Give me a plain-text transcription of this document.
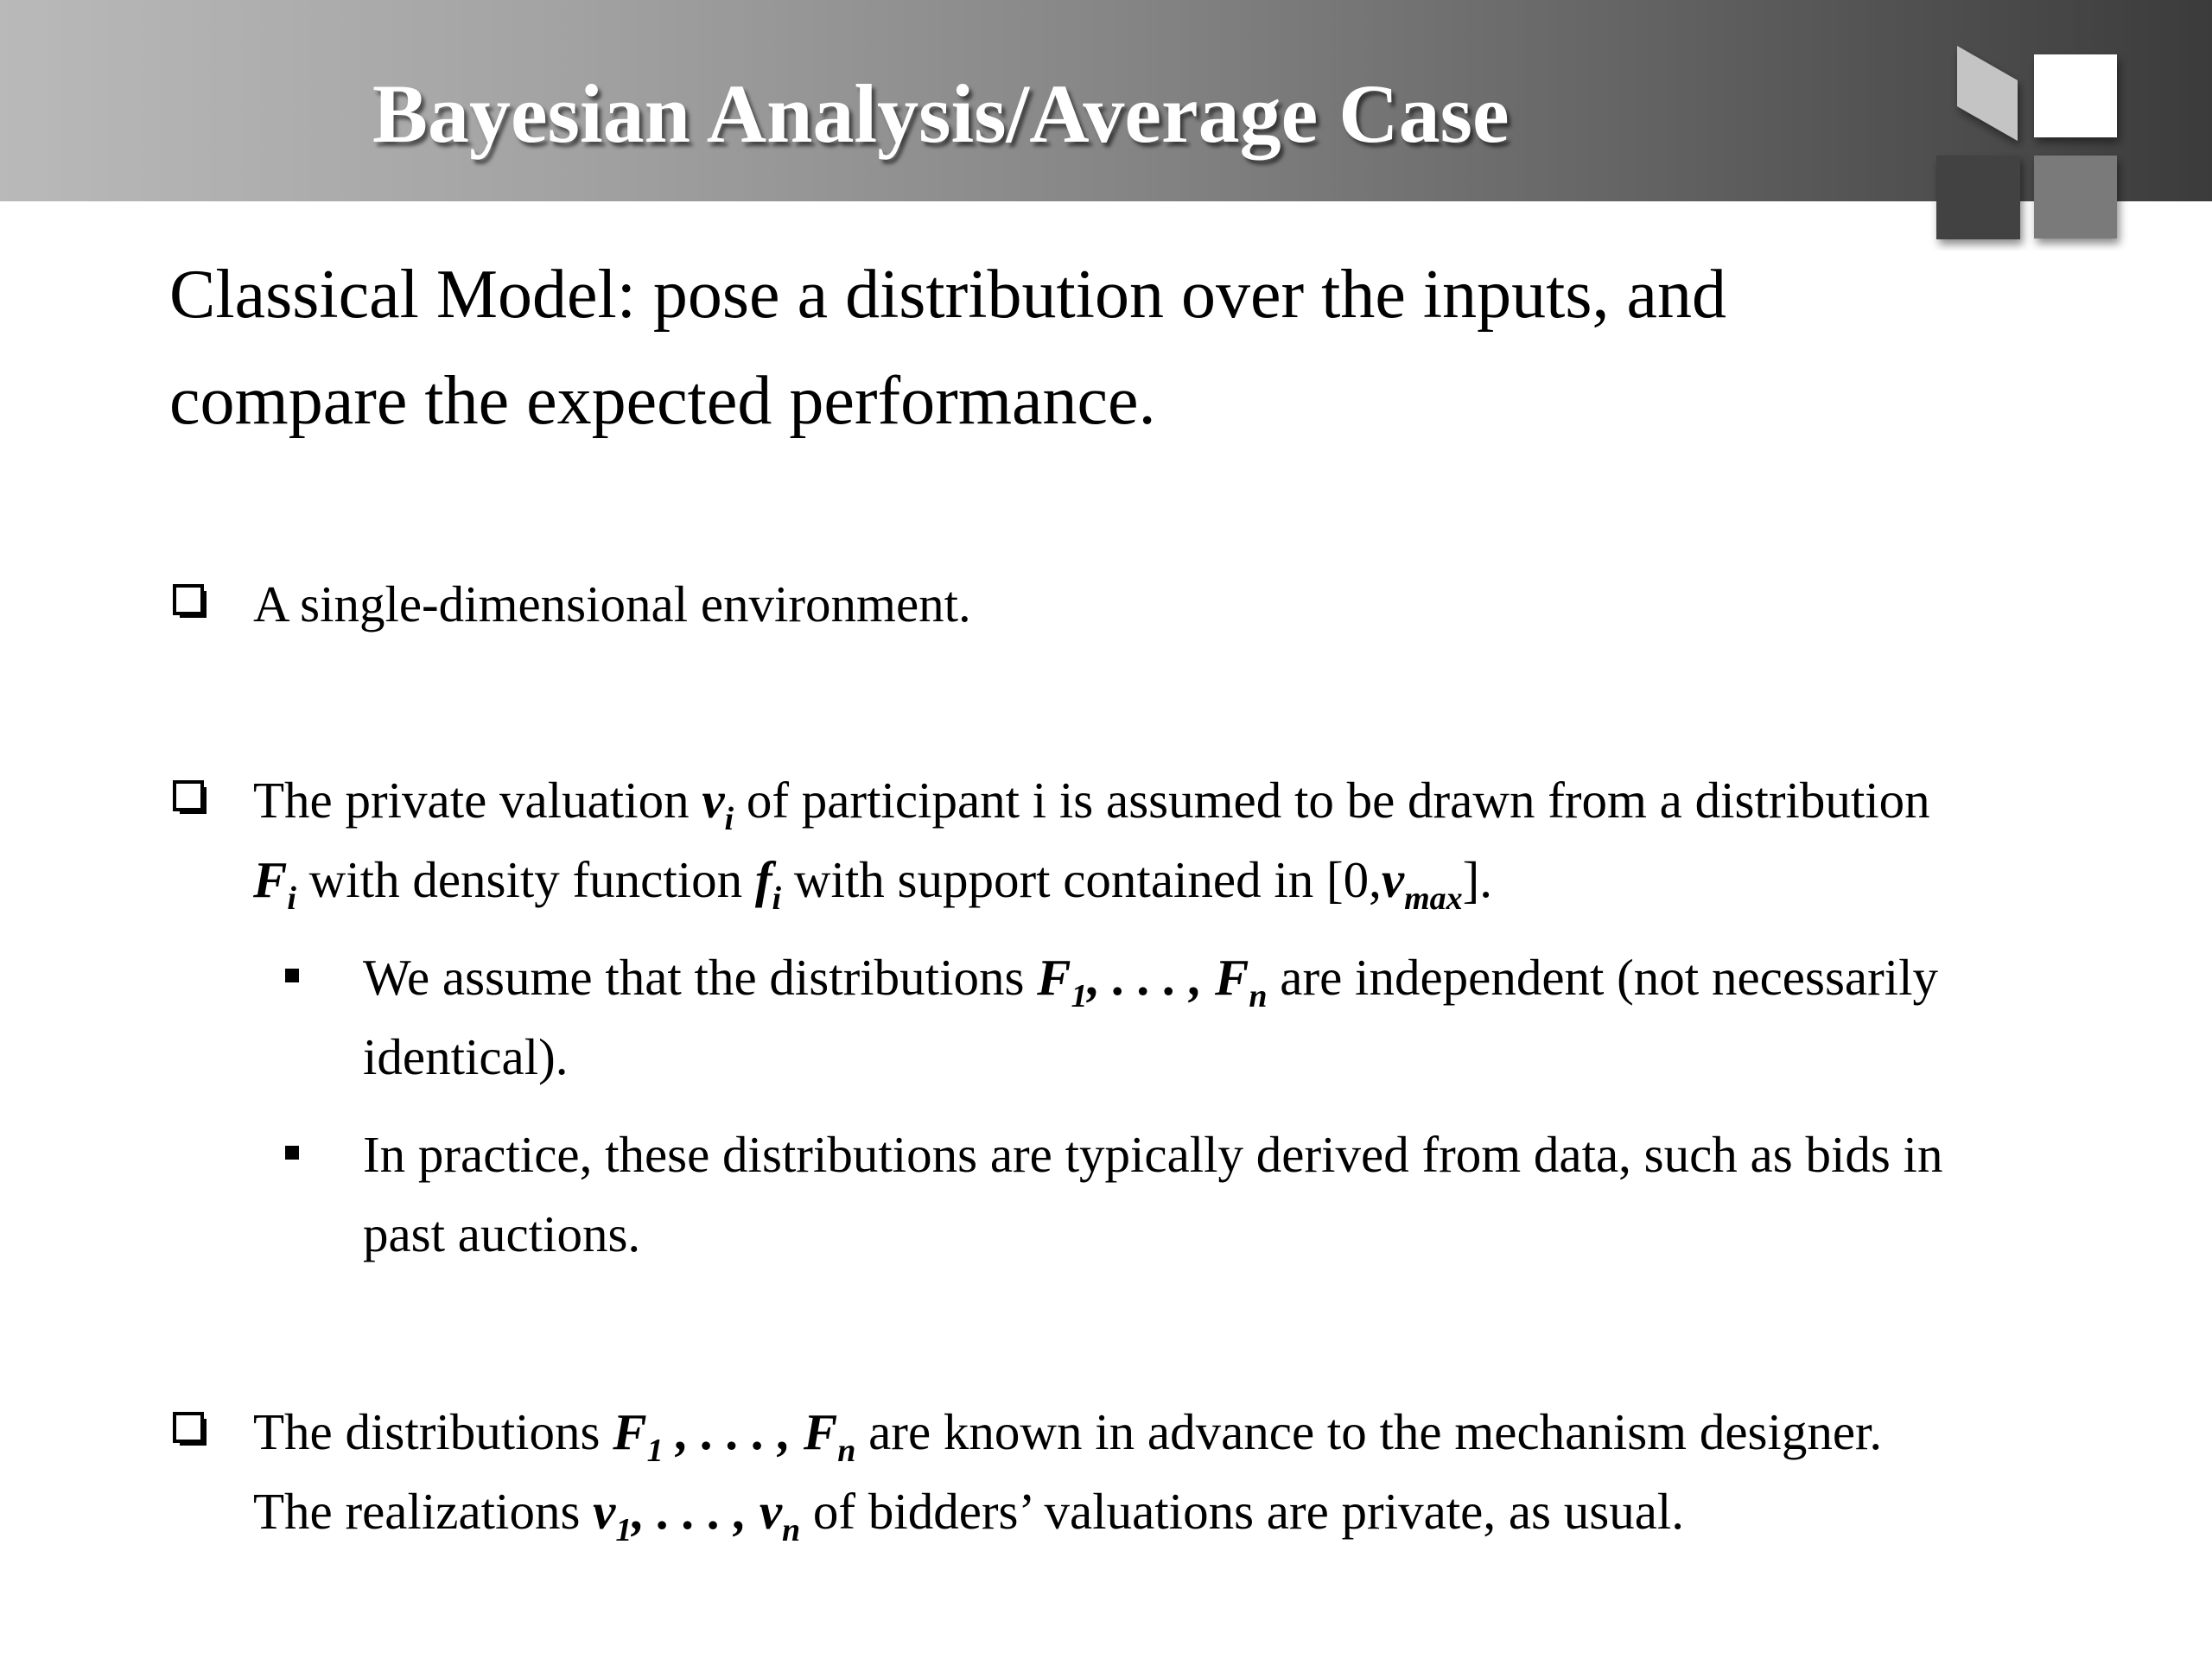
Bayesian Analysis/Average Case

Classical Model: pose a distribution over the inputs, and
compare the expected performance.

A single-dimensional environment.
The private valuation $v_i$ of participant i is assumed to be drawn from a distribution
$F_i$ with density function $f_i$ with support contained in $[0,v_{max}]$.
We assume that the distributions $F_1$, . . . , $F_n$ are independent (not necessarily
identical).
In practice, these distributions are typically derived from data, such as bids in
past auctions.
The distributions $F_1$ , . . . , $F_n$ are known in advance to the mechanism designer.
The realizations $v_1$, . . . , $v_n$ of bidders’ valuations are private, as usual.
